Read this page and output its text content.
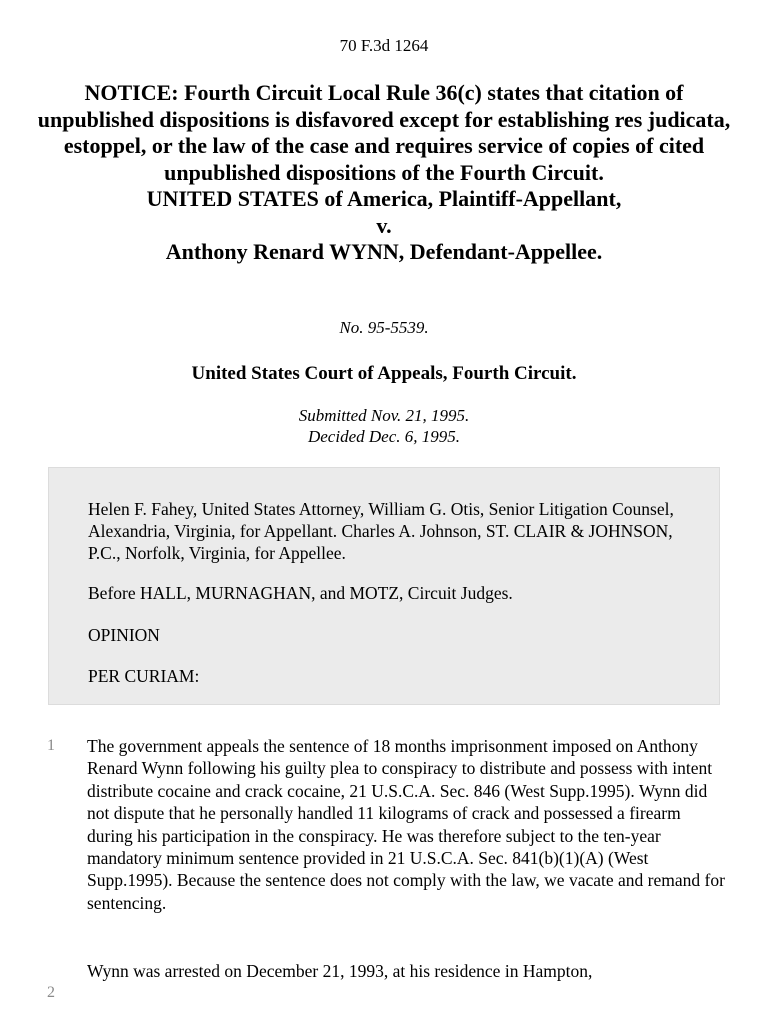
70 F.3d 1264
NOTICE: Fourth Circuit Local Rule 36(c) states that citation of unpublished dispositions is disfavored except for establishing res judicata, estoppel, or the law of the case and requires service of copies of cited unpublished dispositions of the Fourth Circuit.
UNITED STATES of America, Plaintiff-Appellant,
v.
Anthony Renard WYNN, Defendant-Appellee.
No. 95-5539.
United States Court of Appeals, Fourth Circuit.
Submitted Nov. 21, 1995.
Decided Dec. 6, 1995.

Helen F. Fahey, United States Attorney, William G. Otis, Senior Litigation Counsel, Alexandria, Virginia, for Appellant. Charles A. Johnson, ST. CLAIR & JOHNSON, P.C., Norfolk, Virginia, for Appellee.

Before HALL, MURNAGHAN, and MOTZ, Circuit Judges.

OPINION

PER CURIAM:

1	The government appeals the sentence of 18 months imprisonment imposed on Anthony Renard Wynn following his guilty plea to conspiracy to distribute and possess with intent distribute cocaine and crack cocaine, 21 U.S.C.A. Sec. 846 (West Supp.1995). Wynn did not dispute that he personally handled 11 kilograms of crack and possessed a firearm during his participation in the conspiracy. He was therefore subject to the ten-year mandatory minimum sentence provided in 21 U.S.C.A. Sec. 841(b)(1)(A) (West Supp.1995). Because the sentence does not comply with the law, we vacate and remand for sentencing.

2

Wynn was arrested on December 21, 1993, at his residence in Hampton,
